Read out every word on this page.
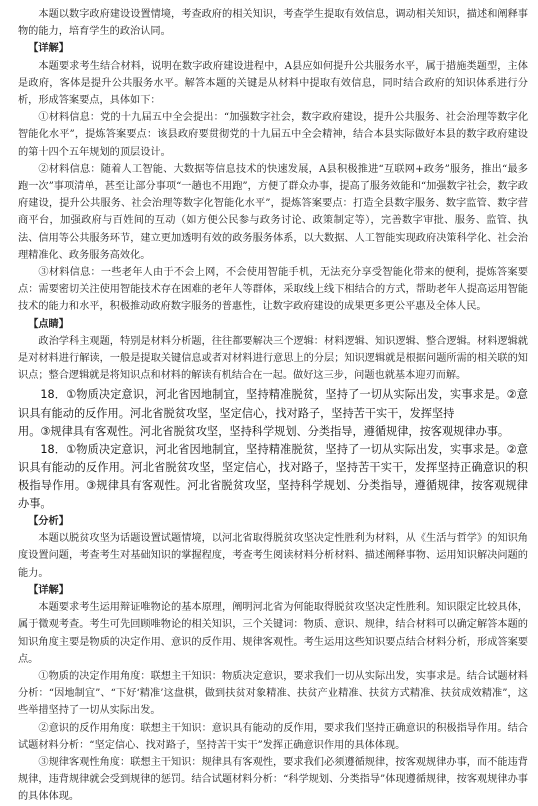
本题以数字政府建设设置情境，考查政府的相关知识，考查学生提取有效信息，调动相关知识，描述和阐释事物的能力，培育学生的政治认同。

【详解】

本题要求考生结合材料，说明在数字政府建设进程中，A县应如何提升公共服务水平，属于措施类题型，主体是政府，客体是提升公共服务水平。解答本题的关键是从材料中提取有效信息，同时结合政府的知识体系进行分析，形成答案要点，具体如下：

①材料信息：党的十九届五中全会提出：“加强数字社会，数字政府建设，提升公共服务、社会治理等数字化智能化水平”，提炼答案要点：该县政府要贯彻党的十九届五中全会精神，结合本县实际做好本县的数字政府建设的第十四个五年规划的顶层设计。

②材料信息：随着人工智能、大数据等信息技术的快速发展，A县积极推进“互联网+政务”服务，推出“最多跑一次”事项清单，甚至让部分事项“一趟也不用跑”，方便了群众办事，提高了服务效能和“加强数字社会，数字政府建设，提升公共服务、社会治理等数字化智能化水平”，提炼答案要点：打造全县数字服务、数字监管、数字营商平台，加强政府与百姓间的互动（如方便公民参与政务讨论、政策制定等），完善数字审批、服务、监管、执法、信用等公共服务环节，建立更加透明有效的政务服务体系，以大数据、人工智能实现政府决策科学化、社会治理精准化、政务服务高效化。

③材料信息：一些老年人由于不会上网，不会使用智能手机，无法充分享受智能化带来的便利，提炼答案要点：需要密切关注使用智能技术存在困难的老年人等群体，采取线上线下相结合的方式，帮助老年人提高运用智能技术的能力和水平，积极推动政府数字服务的普惠性，让数字政府建设的成果更多更公平惠及全体人民。

【点睛】

政治学科主观题，特别是材料分析题，往往都要解决三个逻辑：材料逻辑、知识逻辑、整合逻辑。材料逻辑就是对材料进行解读，一般是提取关键信息或者对材料进行意思上的分层；知识逻辑就是根据问题所需的相关联的知识点；整合逻辑就是将知识点和材料的解读有机结合在一起。做好这三步，问题也就基本迎刃而解。

18．①物质决定意识，河北省因地制宜，坚持精准脱贫，坚持了一切从实际出发，实事求是。②意识具有能动的反作用。河北省脱贫攻坚，坚定信心，找对路子，坚持苦干实干，发挥坚持

用。③规律具有客观性。河北省脱贫攻坚，坚持科学规划、分类指导，遵循规律，按客观规律办事。

18．①物质决定意识，河北省因地制宜，坚持精准脱贫，坚持了一切从实际出发，实事求是。②意识具有能动的反作用。河北省脱贫攻坚，坚定信心，找对路子，坚持苦干实干，发挥坚持正确意识的积极指导作用。③规律具有客观性。河北省脱贫攻坚，坚持科学规划、分类指导，遵循规律，按客观规律办事。

【分析】

本题以脱贫攻坚为话题设置试题情境，以河北省取得脱贫攻坚决定性胜利为材料，从《生活与哲学》的知识角度设置问题，考查考生对基础知识的掌握程度，考查考生阅读材料分析材料、描述阐释事物、运用知识解决问题的能力。

【详解】

本题要求考生运用辩证唯物论的基本原理，阐明河北省为何能取得脱贫攻坚决定性胜利。知识限定比较具体，属于微观考查。考生可先回顾唯物论的相关知识，三个关键词：物质、意识、规律，结合材料可以确定解答本题的知识角度主要是物质的决定作用、意识的反作用、规律客观性。考生运用这些知识要点结合材料分析，形成答案要点。

①物质的决定作用角度：联想主干知识：物质决定意识，要求我们一切从实际出发，实事求是。结合试题材料分析：“因地制宜”、“下好‘精准’这盘棋，做到扶贫对象精准、扶贫产业精准、扶贫方式精准、扶贫成效精准”，这些举措坚持了一切从实际出发。

②意识的反作用角度：联想主干知识：意识具有能动的反作用，要求我们坚持正确意识的积极指导作用。结合试题材料分析：“坚定信心、找对路子，坚持苦干实干”发挥正确意识作用的具体体现。

③规律客观性角度：联想主干知识：规律具有客观性，要求我们必须遵循规律，按客观规律办事，而不能违背规律，违背规律就会受到规律的惩罚。结合试题材料分析：“科学规划、分类指导”体现遵循规律，按客观规律办事的具体体现。
